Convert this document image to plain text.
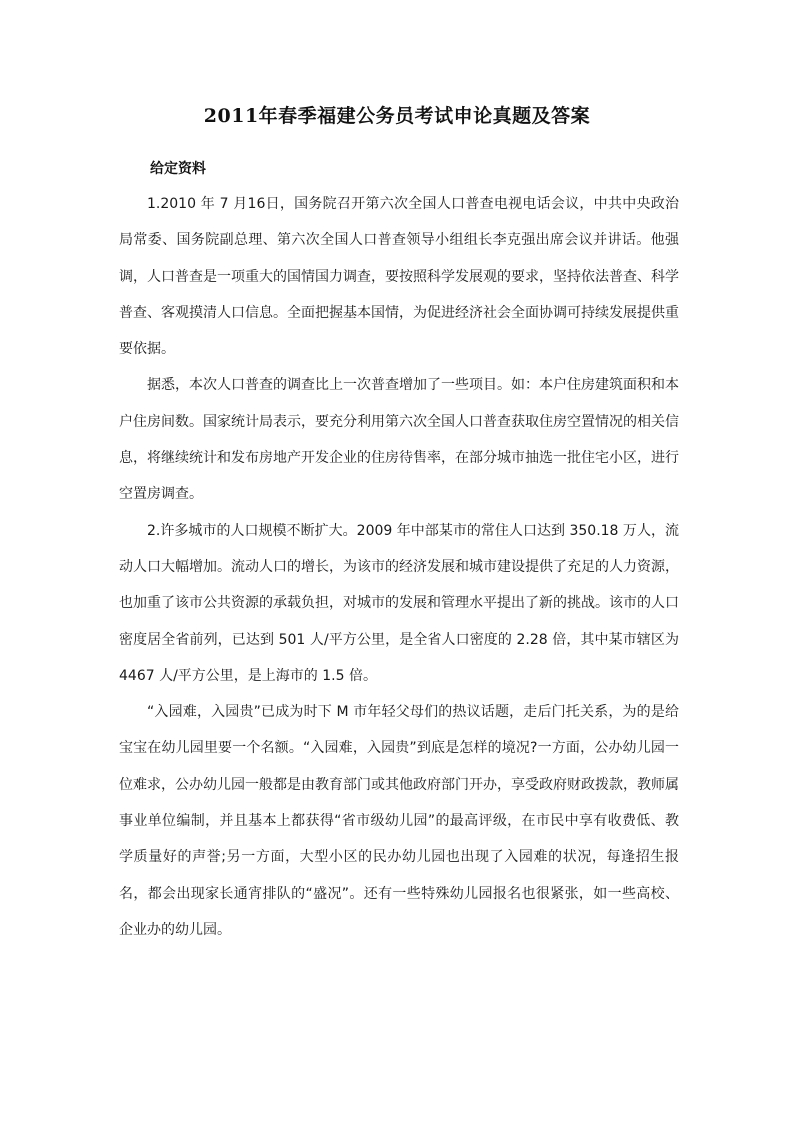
2011年春季福建公务员考试申论真题及答案
给定资料

1.2010 年 7 月16日，国务院召开第六次全国人口普查电视电话会议，中共中央政治局常委、国务院副总理、第六次全国人口普查领导小组组长李克强出席会议并讲话。他强调，人口普查是一项重大的国情国力调查，要按照科学发展观的要求，坚持依法普查、科学普查、客观摸清人口信息。全面把握基本国情，为促进经济社会全面协调可持续发展提供重要依据。

据悉，本次人口普查的调查比上一次普查增加了一些项目。如：本户住房建筑面积和本户住房间数。国家统计局表示，要充分利用第六次全国人口普查获取住房空置情况的相关信息，将继续统计和发布房地产开发企业的住房待售率，在部分城市抽选一批住宅小区，进行空置房调查。

2.许多城市的人口规模不断扩大。2009 年中部某市的常住人口达到 350.18 万人，流动人口大幅增加。流动人口的增长，为该市的经济发展和城市建设提供了充足的人力资源，也加重了该市公共资源的承载负担，对城市的发展和管理水平提出了新的挑战。该市的人口密度居全省前列，已达到 501 人/平方公里，是全省人口密度的 2.28 倍，其中某市辖区为 4467 人/平方公里，是上海市的 1.5 倍。

“入园难，入园贵”已成为时下 M 市年轻父母们的热议话题，走后门托关系，为的是给宝宝在幼儿园里要一个名额。“入园难，入园贵”到底是怎样的境况?一方面，公办幼儿园一位难求，公办幼儿园一般都是由教育部门或其他政府部门开办，享受政府财政拨款，教师属事业单位编制，并且基本上都获得“省市级幼儿园”的最高评级，在市民中享有收费低、教学质量好的声誉;另一方面，大型小区的民办幼儿园也出现了入园难的状况，每逢招生报名，都会出现家长通宵排队的“盛况”。还有一些特殊幼儿园报名也很紧张，如一些高校、企业办的幼儿园。
